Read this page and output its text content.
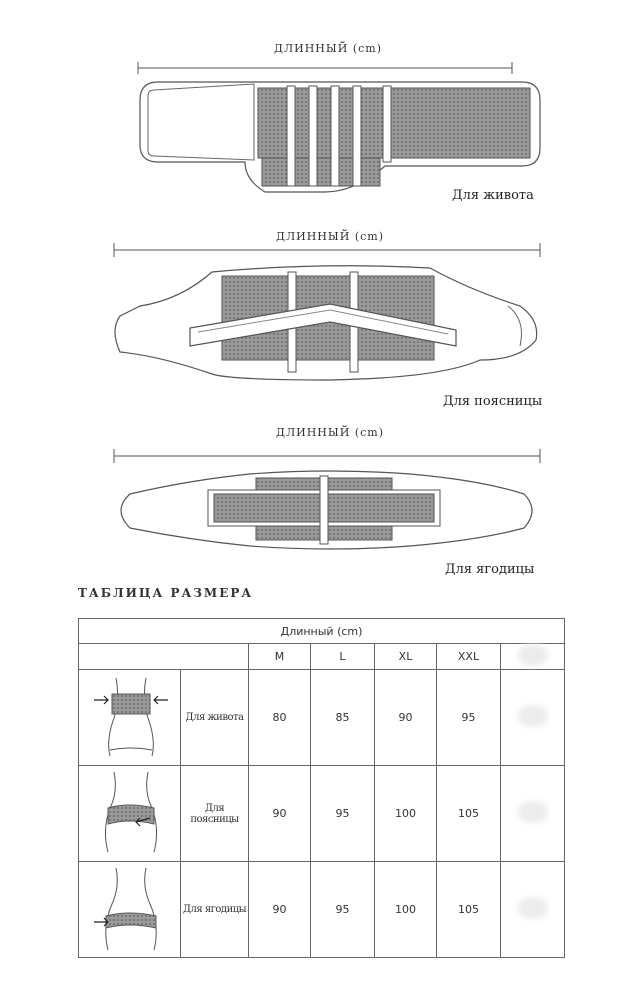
ДЛИННЫЙ (cm)
Для живота
ДЛИННЫЙ (cm)
Для поясницы
ДЛИННЫЙ (cm)
Для ягодицы
ТАБЛИЦА РАЗМЕРА
Длинный (cm)						
		M	L	XL	XXL	
	Для живота	80	85	90	95	
	Для поясницы	90	95	100	105	
	Для ягодицы	90	95	100	105	
